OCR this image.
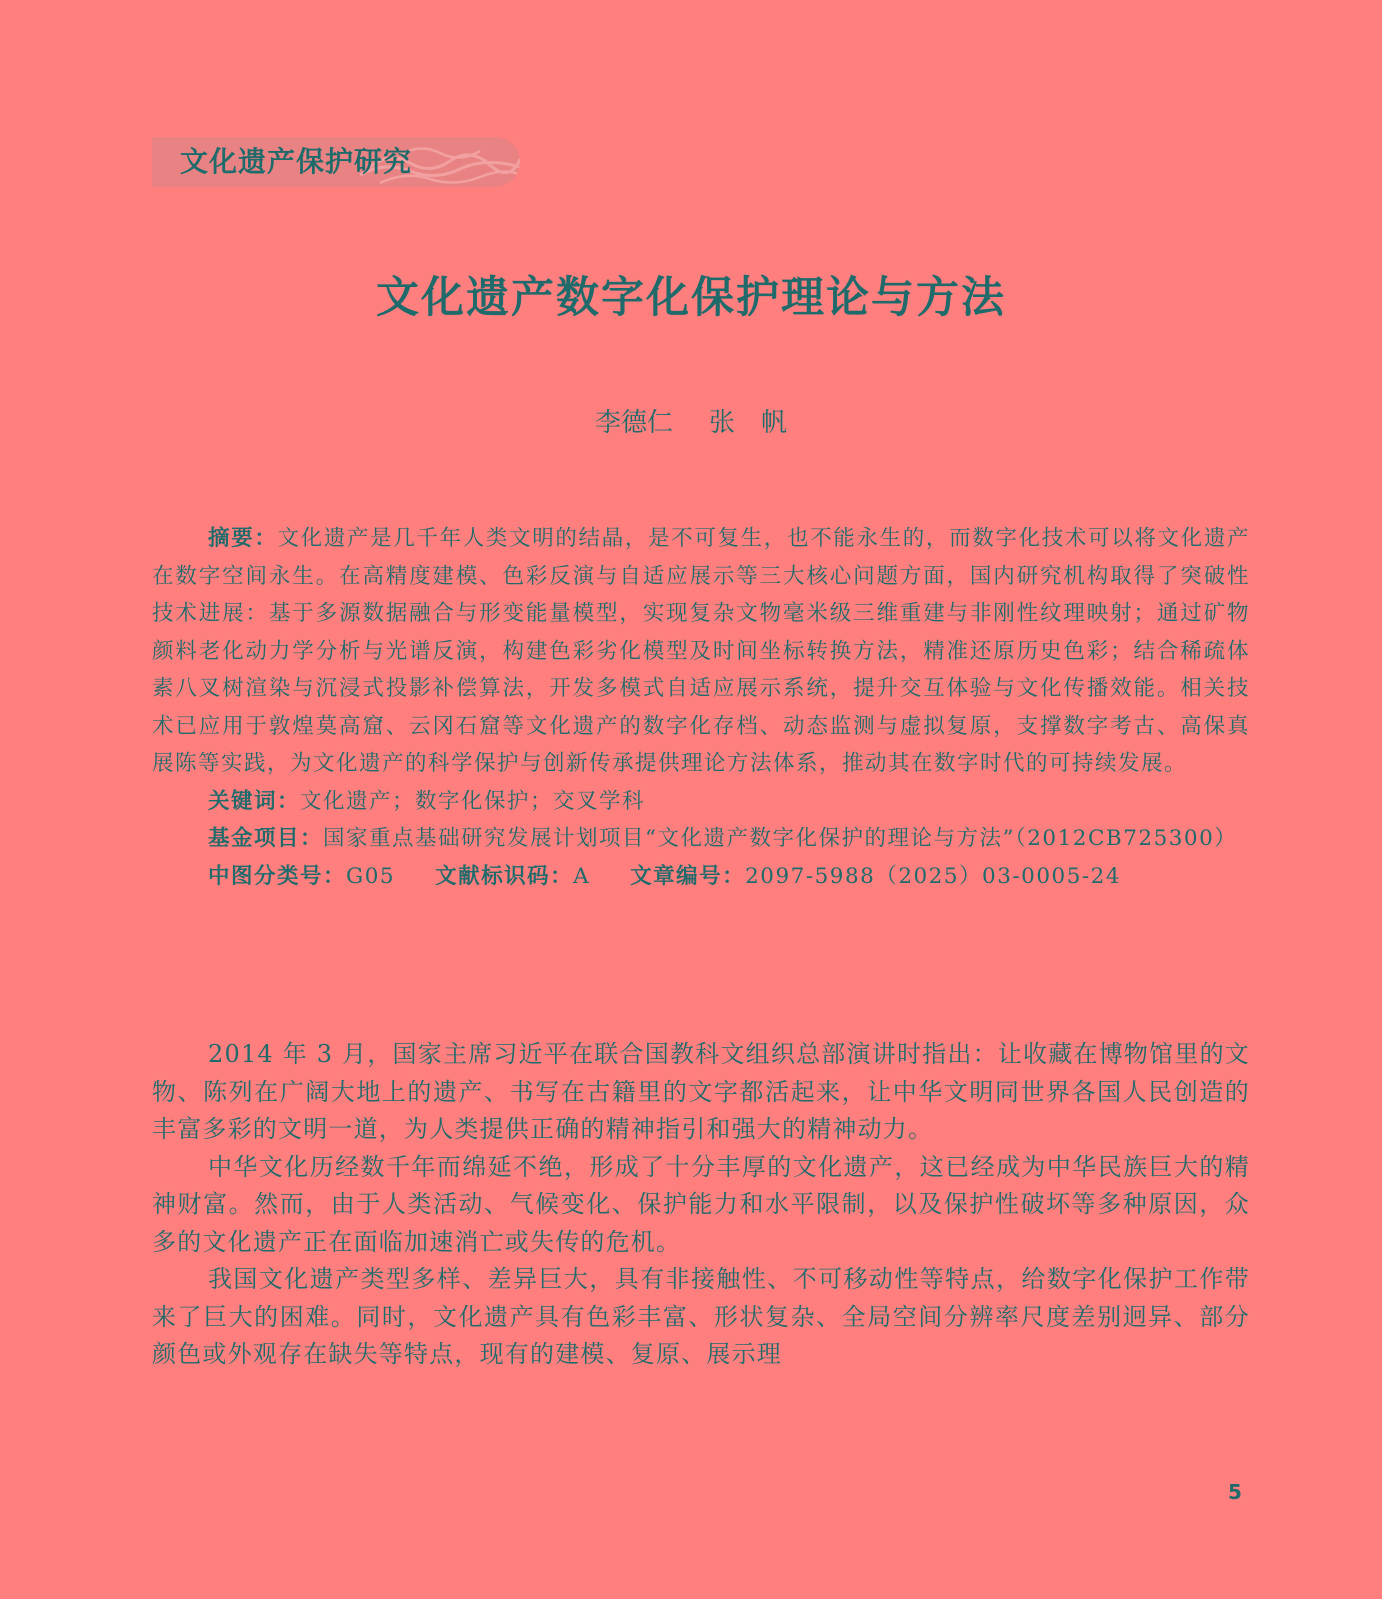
文化遗产保护研究
文化遗产数字化保护理论与方法
李德仁 张　帆

摘要：文化遗产是几千年人类文明的结晶，是不可复生，也不能永生的，而数字化技术可以将文化遗产在数字空间永生。在高精度建模、色彩反演与自适应展示等三大核心问题方面，国内研究机构取得了突破性技术进展：基于多源数据融合与形变能量模型，实现复杂文物毫米级三维重建与非刚性纹理映射；通过矿物颜料老化动力学分析与光谱反演，构建色彩劣化模型及时间坐标转换方法，精准还原历史色彩；结合稀疏体素八叉树渲染与沉浸式投影补偿算法，开发多模式自适应展示系统，提升交互体验与文化传播效能。相关技术已应用于敦煌莫高窟、云冈石窟等文化遗产的数字化存档、动态监测与虚拟复原，支撑数字考古、高保真展陈等实践，为文化遗产的科学保护与创新传承提供理论方法体系，推动其在数字时代的可持续发展。

关键词：文化遗产；数字化保护；交叉学科

基金项目：国家重点基础研究发展计划项目“文化遗产数字化保护的理论与方法”（2012CB725300）

中图分类号：G05 文献标识码：A 文章编号：2097-5988（2025）03-0005-24

2014 年 3 月，国家主席习近平在联合国教科文组织总部演讲时指出：让收藏在博物馆里的文物、陈列在广阔大地上的遗产、书写在古籍里的文字都活起来，让中华文明同世界各国人民创造的丰富多彩的文明一道，为人类提供正确的精神指引和强大的精神动力。

中华文化历经数千年而绵延不绝，形成了十分丰厚的文化遗产，这已经成为中华民族巨大的精神财富。然而，由于人类活动、气候变化、保护能力和水平限制，以及保护性破坏等多种原因，众多的文化遗产正在面临加速消亡或失传的危机。

我国文化遗产类型多样、差异巨大，具有非接触性、不可移动性等特点，给数字化保护工作带来了巨大的困难。同时，文化遗产具有色彩丰富、形状复杂、全局空间分辨率尺度差别迥异、部分颜色或外观存在缺失等特点，现有的建模、复原、展示理

5
